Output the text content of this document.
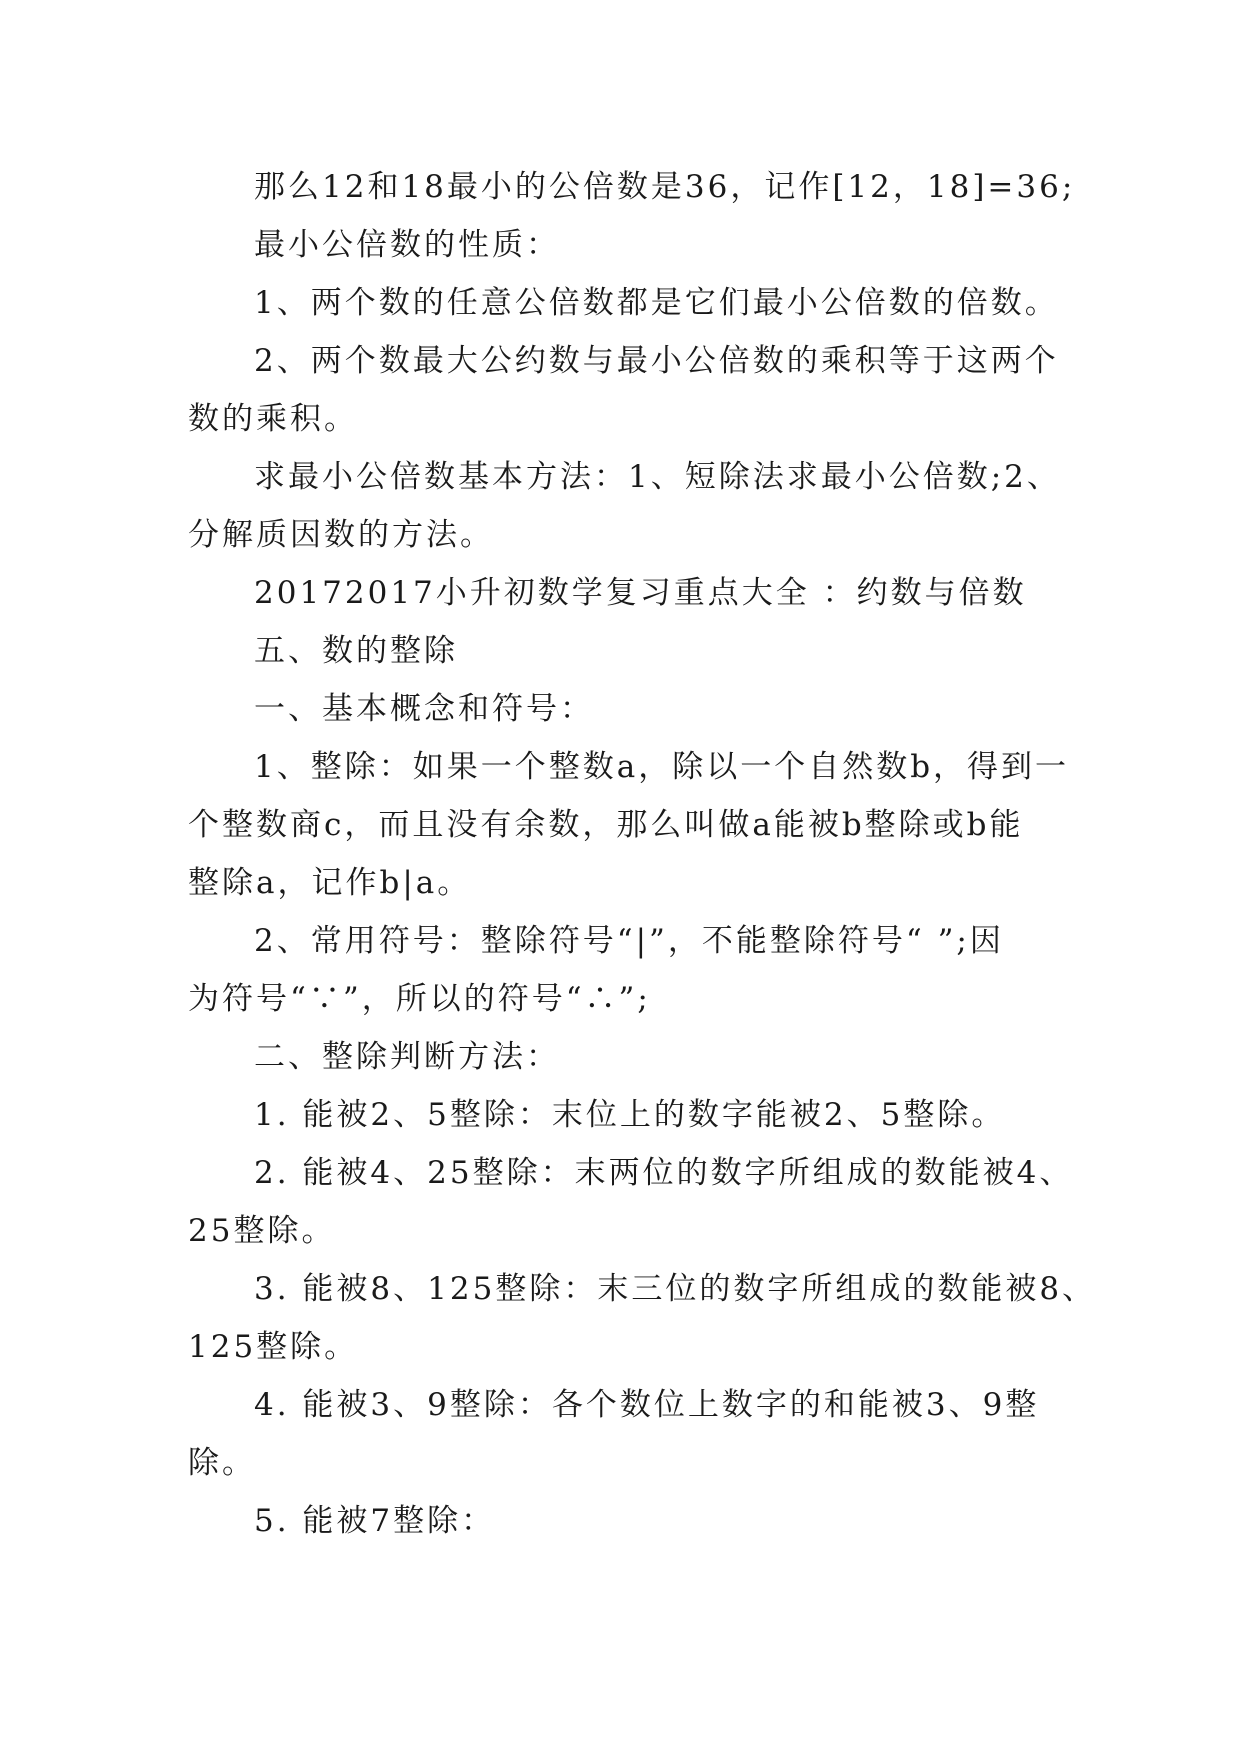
那么12和18最小的公倍数是36，记作[12，18]=36;
最小公倍数的性质：
1、两个数的任意公倍数都是它们最小公倍数的倍数。
2、两个数最大公约数与最小公倍数的乘积等于这两个
数的乘积。
求最小公倍数基本方法：1、短除法求最小公倍数;2、
分解质因数的方法。
20172017小升初数学复习重点大全 ：约数与倍数
五、数的整除
一、基本概念和符号：
1、整除：如果一个整数a，除以一个自然数b，得到一
个整数商c，而且没有余数，那么叫做a能被b整除或b能
整除a，记作b|a。
2、常用符号：整除符号“|”，不能整除符号“ ”;因
为符号“∵”，所以的符号“∴”;
二、整除判断方法：
1. 能被2、5整除：末位上的数字能被2、5整除。
2. 能被4、25整除：末两位的数字所组成的数能被4、
25整除。
3. 能被8、125整除：末三位的数字所组成的数能被8、
125整除。
4. 能被3、9整除：各个数位上数字的和能被3、9整
除。
5. 能被7整除：
